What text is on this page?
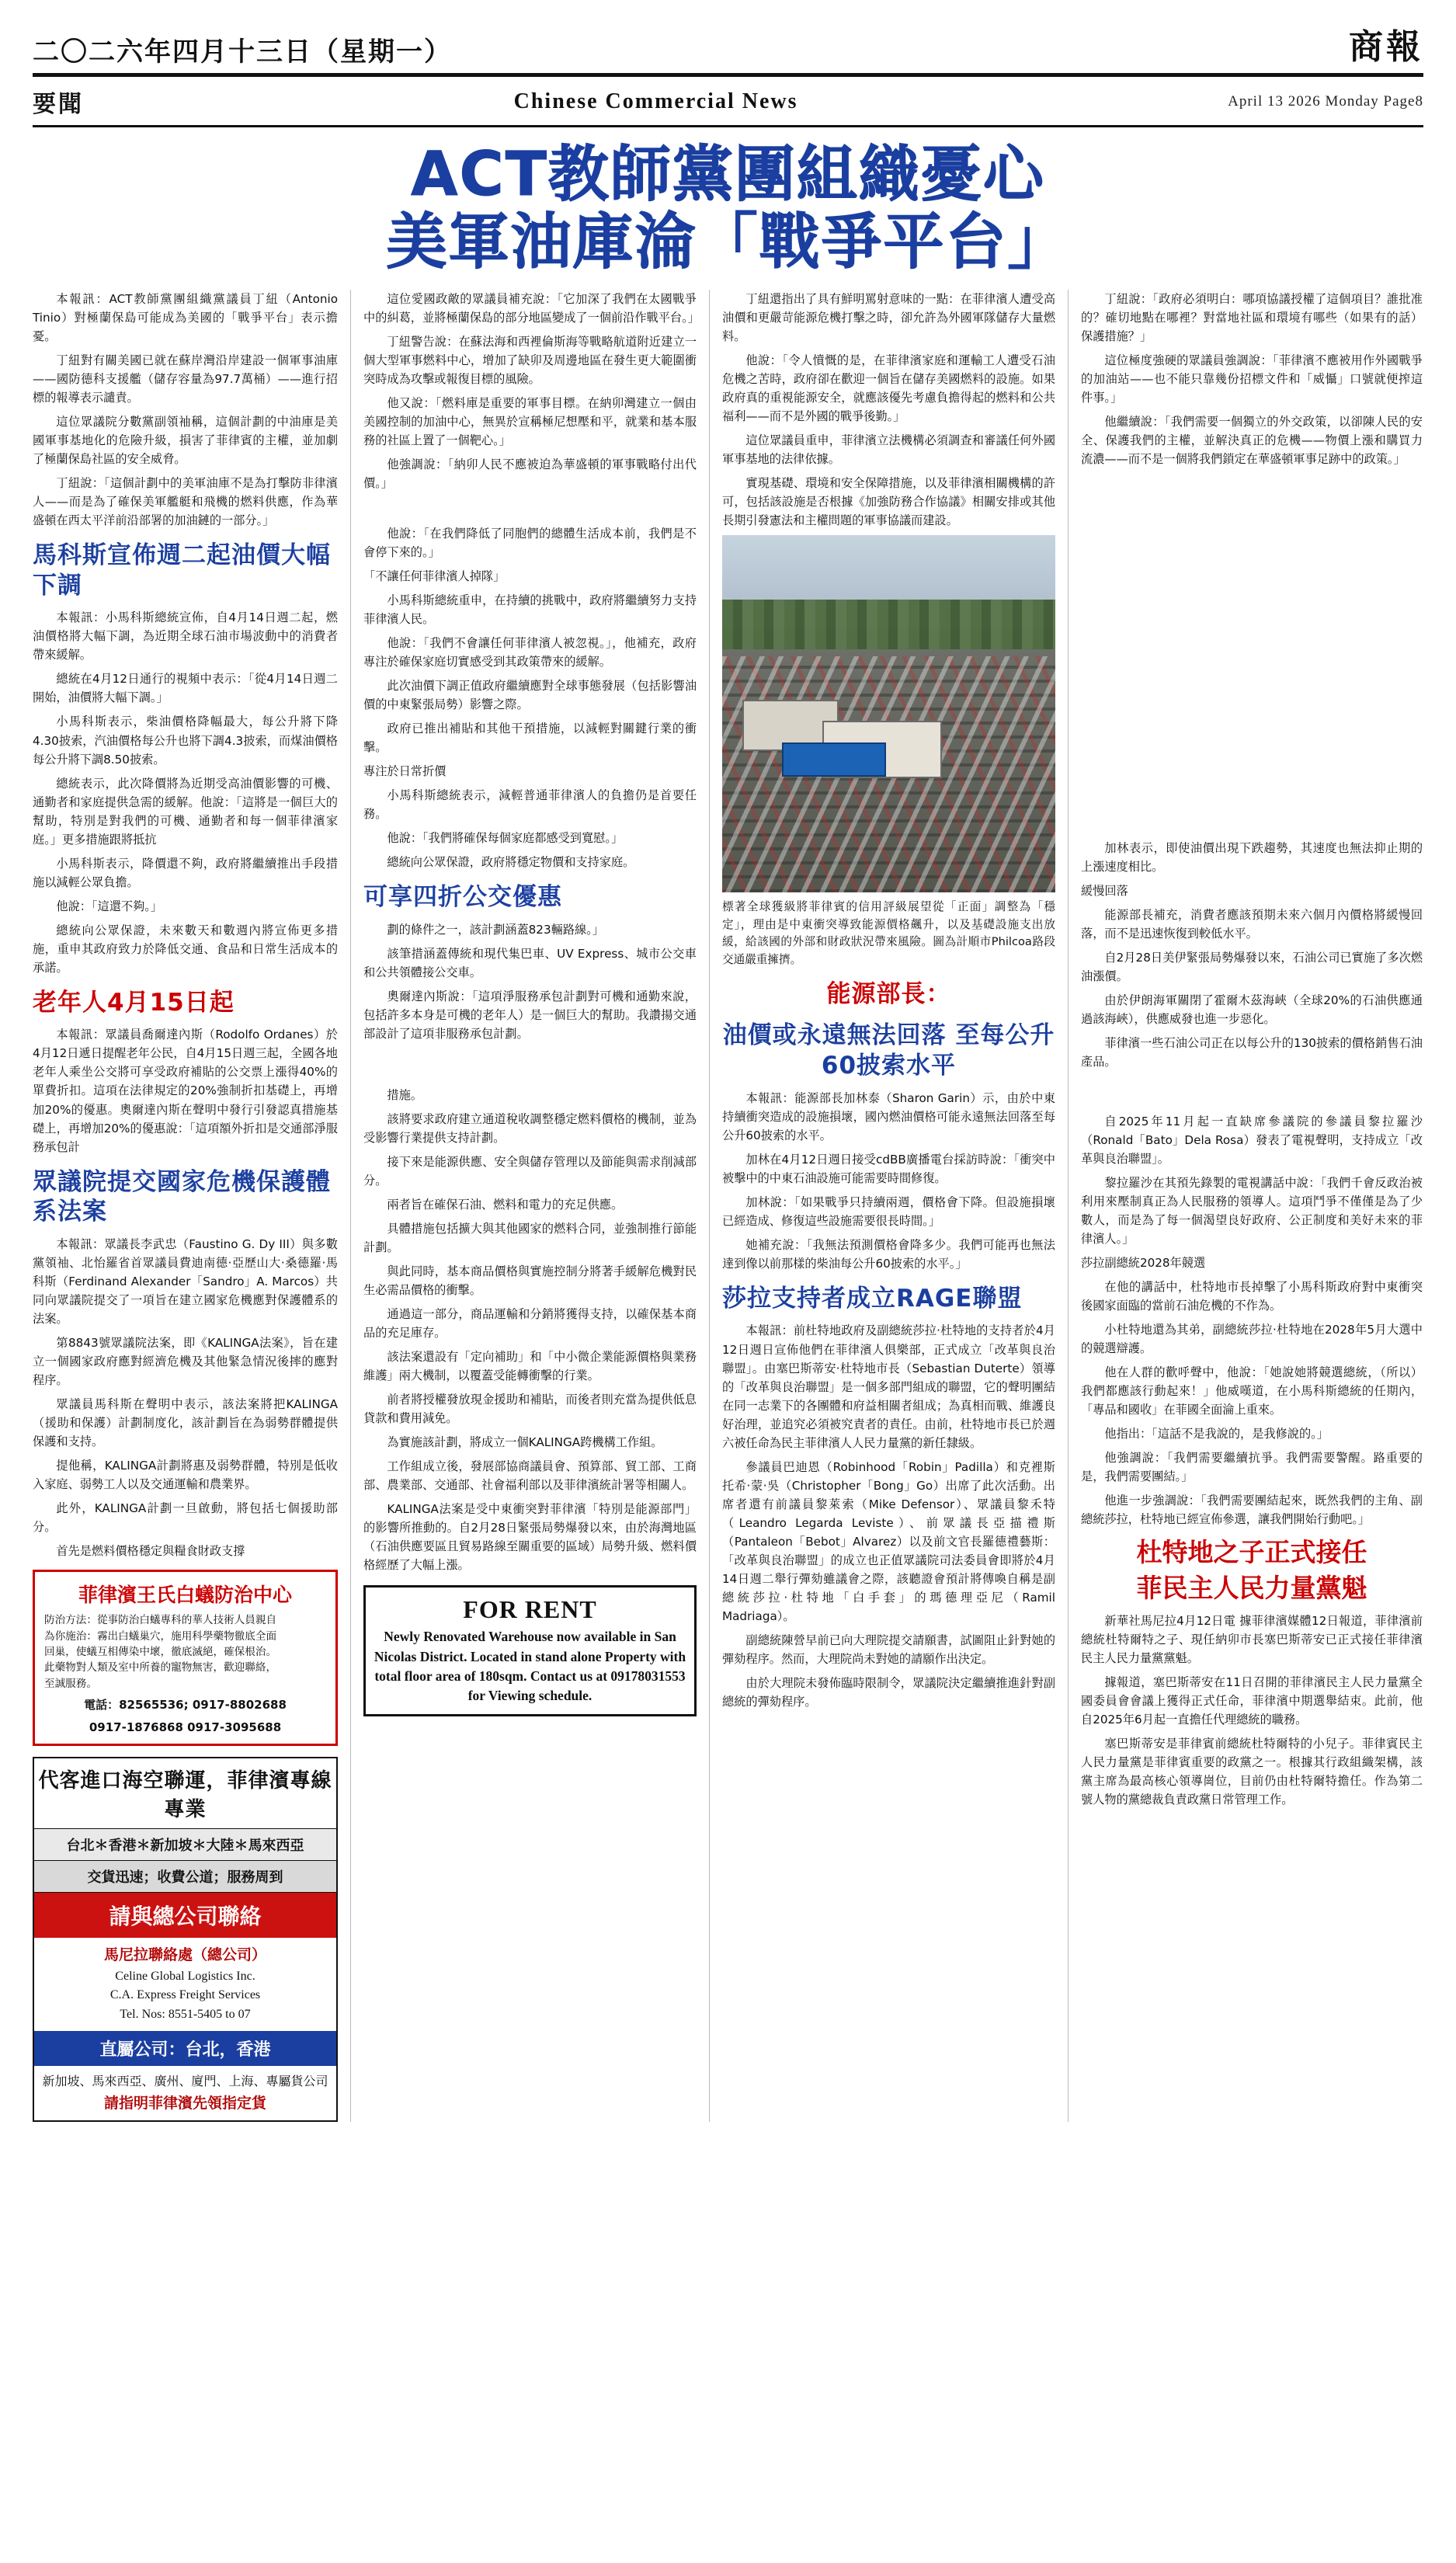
二〇二六年四月十三日（星期一）	商報
要聞	Chinese Commercial News	April 13 2026 Monday Page8
ACT教師黨團組織憂心
美軍油庫淪「戰爭平台」

本報訊：ACT教師黨團組織黨議員丁紐（Antonio Tinio）對極蘭保島可能成為美國的「戰爭平台」表示擔憂。

丁紐對有關美國已就在蘇岸灣沿岸建設一個軍事油庫——國防德科支援艦（儲存容量為97.7萬桶）——進行招標的報導表示譴責。

這位眾議院分數黨副領袖稱，這個計劃的中油庫是美國軍事基地化的危險升級，損害了菲律賓的主權，並加劇了極蘭保島社區的安全威脅。

丁紐說：「這個計劃中的美軍油庫不是為打擊防非律濱人——而是為了確保美軍艦艇和飛機的燃料供應，作為華盛頓在西太平洋前沿部署的加油鏈的一部分。」

馬科斯宣佈週二起油價大幅下調

本報訊：小馬科斯總統宣佈，自4月14日週二起，燃油價格將大幅下調，為近期全球石油市場波動中的消費者帶來緩解。

總統在4月12日通行的視頻中表示：「從4月14日週二開始，油價將大幅下調。」

小馬科斯表示，柴油價格降幅最大，每公升將下降4.30披索，汽油價格每公升也將下調4.3披索，而煤油價格每公升將下調8.50披索。

總統表示，此次降價將為近期受高油價影響的可機、通勤者和家庭提供急需的緩解。他說：「這將是一個巨大的幫助，特別是對我們的可機、通勤者和每一個菲律濱家庭。」更多措施跟將抵抗

小馬科斯表示，降價還不夠，政府將繼續推出手段措施以減輕公眾負擔。

他說：「這還不夠。」

總統向公眾保證，未來數天和數週內將宣佈更多措施，重申其政府致力於降低交通、食品和日常生活成本的承諾。

老年人4月15日起

本報訊：眾議員喬爾達內斯（Rodolfo Ordanes）於4月12日遞日提醒老年公民，自4月15日週三起，全國各地老年人乘坐公交將可享受政府補貼的公交票上漲得40%的單費折扣。這項在法律規定的20%強制折扣基礎上，再增加20%的優惠。奧爾達內斯在聲明中發行引發認真措施基礎上，再增加20%的優惠說：「這項額外折扣是交通部淨服務承包計

眾議院提交國家危機保護體系法案

本報訊：眾議長李武忠（Faustino G. Dy III）與多數黨領袖、北怡羅省首眾議員費迪南德‧亞歷山大‧桑德羅‧馬科斯（Ferdinand Alexander「Sandro」A. Marcos）共同向眾議院提交了一項旨在建立國家危機應對保護體系的法案。

第8843號眾議院法案，即《KALINGA法案》，旨在建立一個國家政府應對經濟危機及其他緊急情況後摔的應對程序。

眾議員馬科斯在聲明中表示，該法案將把KALINGA（援助和保護）計劃制度化，該計劃旨在為弱勢群體提供保護和支持。

提他稱，KALINGA計劃將惠及弱勢群體，特別是低收入家庭、弱勢工人以及交通運輸和農業界。

此外，KALINGA計劃一旦啟動，將包括七個援助部分。

首先是燃料價格穩定與糧食財政支撐

菲律濱王氏白蟻防治中心
防治方法：從事防治白蟻專科的華人技術人員親自
為你施治：霧出白蟻巢穴，施用科學藥物徹底全面
回巢，使蟻互相傳染中壞，徹底滅絕，確保根治。
此藥物對人類及室中所養的寵物無害，歡迎聯絡，
至誠服務。
電話：82565536; 0917-8802688
0917-1876868 0917-3095688
代客進口海空聯運，菲律濱專線專業
台北＊香港＊新加坡＊大陸＊馬來西亞
交貨迅速；收費公道；服務周到
請與總公司聯絡
馬尼拉聯絡處（總公司）
Celine Global Logistics Inc.
C.A. Express Freight Services
Tel. Nos: 8551-5405 to 07
直屬公司：台北，香港
新加坡、馬來西亞、廣州、廈門、上海、專屬貨公司
請指明菲律濱先領指定貨

這位愛國政敵的眾議員補充說：「它加深了我們在太國戰爭中的糾葛，並將極蘭保島的部分地區變成了一個前沿作戰平台。」

丁紐警告說：在蘇法海和西裡倫斯海等戰略航道附近建立一個大型軍事燃料中心，增加了缺卯及周邊地區在發生更大範圍衝突時成為攻擊或報復目標的風險。

他又說：「燃料庫是重要的軍事目標。在納卯灣建立一個由美國控制的加油中心，無異於宣稱極尼想壓和平，就業和基本服務的社區上置了一個靶心。」

他強調說：「納卯人民不應被迫為華盛頓的軍事戰略付出代價。」

他說：「在我們降低了同胞們的總體生活成本前，我們是不會停下來的。」

「不讓任何菲律濱人掉隊」

小馬科斯總統重申，在持續的挑戰中，政府將繼續努力支持菲律濱人民。

他說：「我們不會讓任何菲律濱人被忽視。」，他補充，政府專注於確保家庭切實感受到其政策帶來的緩解。

此次油價下調正值政府繼續應對全球事態發展（包括影響油價的中東緊張局勢）影響之際。

政府已推出補貼和其他干預措施，以減輕對關鍵行業的衝擊。

專注於日常折價

小馬科斯總統表示，減輕普通菲律濱人的負擔仍是首要任務。

他說：「我們將確保每個家庭都感受到寬慰。」

總統向公眾保證，政府將穩定物價和支持家庭。

可享四折公交優惠

劃的條件之一，該計劃涵蓋823輛路線。」

該筆措涵蓋傳統和現代集巴車、UV Express、城市公交車和公共領體接公交車。

奧爾達內斯說：「這項淨服務承包計劃對可機和通勤來說，包括許多本身是可機的老年人）是一個巨大的幫助。我讚揚交通部設計了這項非服務承包計劃。

措施。

該將要求政府建立通道稅收調整穩定燃料價格的機制，並為受影響行業提供支持計劃。

接下來是能源供應、安全與儲存管理以及節能與需求削減部分。

兩者旨在確保石油、燃料和電力的充足供應。

具體措施包括擴大與其他國家的燃料合同，並強制推行節能計劃。

與此同時，基本商品價格與實施控制分將著手緩解危機對民生必需品價格的衝擊。

通過這一部分，商品運輸和分銷將獲得支持，以確保基本商品的充足庫存。

該法案還設有「定向補助」和「中小微企業能源價格與業務維護」兩大機制，以覆蓋受能轉衝擊的行業。

前者將授權發放現金援助和補貼，而後者則充當為提供低息貸款和費用減免。

為實施該計劃，將成立一個KALINGA跨機構工作組。

工作組成立後，發展部協商議員會、預算部、貿工部、工商部、農業部、交通部、社會福利部以及菲律濱統計署等相關人。

KALINGA法案是受中東衝突對菲律濱「特別是能源部門」的影響所推動的。自2月28日緊張局勢爆發以來，由於海灣地區（石油供應要區且貿易路線至關重要的區域）局勢升級、燃料價格經歷了大幅上漲。

FOR RENT
Newly Renovated Warehouse now available in San Nicolas District. Located in stand alone Property with total floor area of 180sqm. Contact us at 09178031553 for Viewing schedule.

丁紐還指出了具有鮮明罵射意味的一點：在菲律濱人遭受高油價和更嚴苛能源危機打擊之時，卻允許為外國軍隊儲存大量燃料。

他說：「令人憤慨的是，在菲律濱家庭和運輸工人遭受石油危機之苦時，政府卻在歡迎一個旨在儲存美國燃料的設施。如果政府真的重視能源安全，就應該優先考慮負擔得起的燃料和公共福利——而不是外國的戰爭後勤。」

這位眾議員重申，菲律濱立法機構必須調查和審議任何外國軍事基地的法律依據。

實現基礎、環境和安全保障措施，以及菲律濱相關機構的許可，包括該設施是否根據《加強防務合作協議》相關安排或其他長期引發憲法和主權問題的軍事協議而建設。

標著全球獲級將菲律賓的信用評級展望從「正面」調整為「穩定」，理由是中東衝突導致能源價格飆升，以及基礎設施支出放緩，給該國的外部和財政狀況帶來風險。圖為計順市Philcoa路段交通嚴重擁擠。
能源部長：
油價或永遠無法回落 至每公升60披索水平

本報訊：能源部長加林泰（Sharon Garin）示，由於中東持續衝突造成的設施損壞，國內燃油價格可能永遠無法回落至每公升60披索的水平。

加林在4月12日週日接受cdBB廣播電台採訪時說：「衝突中被擊中的中東石油設施可能需要時間修復。

加林說：「如果戰爭只持續兩週，價格會下降。但設施損壞已經造成、修復這些設施需要很長時間。」

她補充說：「我無法預測價格會降多少。我們可能再也無法達到像以前那樣的柴油每公升60披索的水平。」

莎拉支持者成立RAGE聯盟

本報訊：前杜特地政府及副總統莎拉‧杜特地的支持者於4月12日週日宣佈他們在菲律濱人俱樂部，正式成立「改革與良治聯盟」。由塞巴斯蒂安‧杜特地市長（Sebastian Duterte）領導的「改革與良治聯盟」是一個多部門組成的聯盟，它的聲明團結在同一志業下的各團體和府益相關者組成；為真相而戰、維護良好治理，並追究必須被究責者的責任。由前，杜特地市長已於週六被任命為民主菲律濱人人民力量黨的新任隸級。

參議員巴迪恩（Robinhood「Robin」Padilla）和克裡斯托希‧蒙‧吳（Christopher「Bong」Go）出席了此次活動。出席者還有前議員黎萊索（Mike Defensor）、眾議員黎禾特（Leandro Legarda Leviste）、前眾議長亞描禮斯（Pantaleon「Bebot」Alvarez）以及前文官長羅德禮藝斯：「改革與良治聯盟」的成立也正值眾議院司法委員會即將於4月14日週二舉行彈劾雖議會之際，該聽證會預計將傳喚自稱是副總統莎拉‧杜特地「白手套」的瑪德理亞尼（Ramil Madriaga）。

副總統陳營早前已向大理院提交請願書，試圖阻止針對她的彈劾程序。然而，大理院尚未對她的請願作出決定。

由於大理院未發佈臨時限制令，眾議院決定繼續推進針對副總統的彈劾程序。

丁紐說：「政府必須明白：哪項協議授權了這個項目？誰批准的？確切地點在哪裡？對當地社區和環境有哪些（如果有的話）保護措施？」

這位極度強硬的眾議員強調說：「菲律濱不應被用作外國戰爭的加油站——也不能只靠幾份招標文件和「威懾」口號就便搾這件事。」

他繼續說：「我們需要一個獨立的外交政策，以卻陳人民的安全、保護我們的主權，並解決真正的危機——物價上漲和購買力流濃——而不是一個將我們鎖定在華盛頓軍事足跡中的政策。」

加林表示，即使油價出現下跌趨勢，其速度也無法抑止期的上漲速度相比。

緩慢回落

能源部長補充，消費者應該預期未來六個月內價格將緩慢回落，而不是迅速恢復到較低水平。

自2月28日美伊緊張局勢爆發以來，石油公司已實施了多次燃油漲價。

由於伊朗海軍關閉了霍爾木茲海峽（全球20%的石油供應通過該海峽），供應威發也進一步惡化。

菲律濱一些石油公司正在以每公升的130披索的價格銷售石油產品。

自2025年11月起一直缺席參議院的參議員黎拉羅沙（Ronald「Bato」Dela Rosa）發表了電視聲明，支持成立「改革與良治聯盟」。

黎拉羅沙在其預先錄製的電視講話中說：「我們千會反政治被利用來壓制真正為人民服務的領導人。這項鬥爭不僅僅是為了少數人，而是為了每一個渴望良好政府、公正制度和美好未來的菲律濱人。」

莎拉副總統2028年競選

在他的講話中，杜特地市長掉擊了小馬科斯政府對中東衝突後國家面臨的當前石油危機的不作為。

小杜特地還為其弟，副總統莎拉‧杜特地在2028年5月大選中的競選辯護。

他在人群的歡呼聲中，他說：「她說她將競選總統，（所以）我們都應該行動起來！」他威嘆道，在小馬科斯總統的任期內，「專品和國收」在菲國全面淪上重來。

他指出：「這話不是我說的，是我修說的。」

他強調說：「我們需要繼續抗爭。我們需要警醒。路重要的是，我們需要團結。」

他進一步強調說：「我們需要團結起來，既然我們的主角、副總統莎拉，杜特地已經宣佈參選，讓我們開始行動吧。」

杜特地之子正式接任
菲民主人民力量黨魁

新華社馬尼拉4月12日電 據菲律濱媒體12日報道，菲律濱前總統杜特爾特之子、現任納卯市長塞巴斯蒂安已正式接任菲律濱民主人民力量黨黨魁。

據報道，塞巴斯蒂安在11日召開的菲律濱民主人民力量黨全國委員會會議上獲得正式任命，菲律濱中期選舉結束。此前，他自2025年6月起一直擔任代理總統的職務。

塞巴斯蒂安是菲律賓前總統杜特爾特的小兒子。菲律賓民主人民力量黨是菲律賓重要的政黨之一。根據其行政組織架構，該黨主席為最高核心領導崗位，目前仍由杜特爾特擔任。作為第二號人物的黨總裁負責政黨日常管理工作。
